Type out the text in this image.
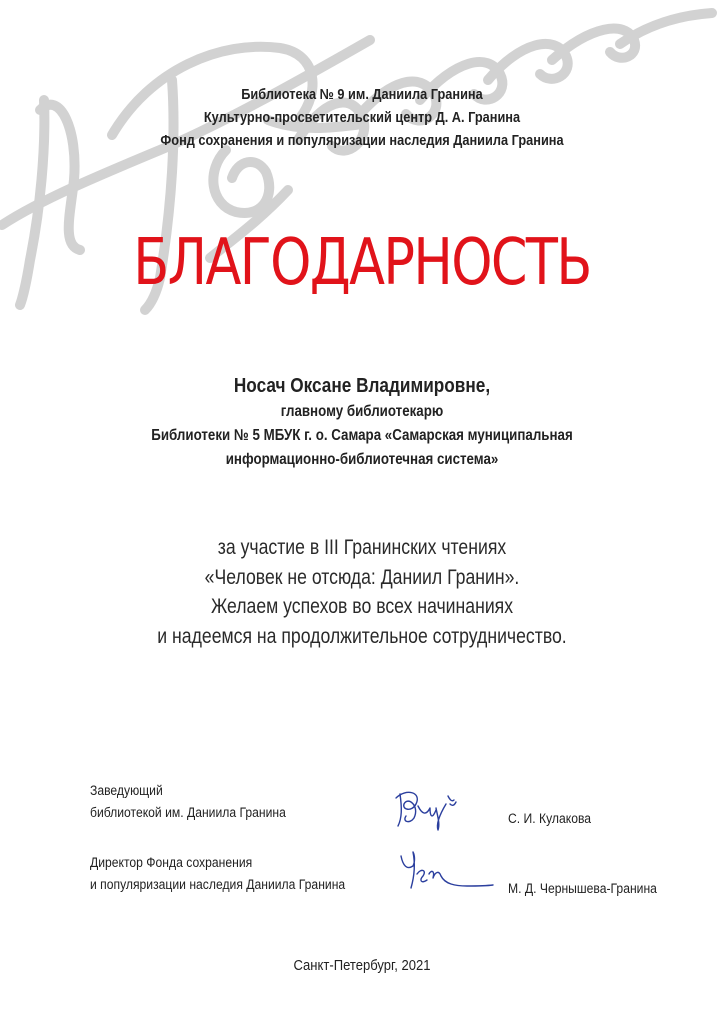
Библиотека № 9 им. Даниила Гранина
Культурно-просветительский центр Д. А. Гранина
Фонд сохранения и популяризации наследия Даниила Гранина
БЛАГОДАРНОСТЬ
Носач Оксане Владимировне,
главному библиотекарю
Библиотеки № 5 МБУК г. о. Самара «Самарская муниципальная
информационно-библиотечная система»
за участие в III Гранинских чтениях
«Человек не отсюда: Даниил Гранин».
Желаем успехов во всех начинаниях
и надеемся на продолжительное сотрудничество.
Заведующий
библиотекой им. Даниила Гранина	С. И. Кулакова
Директор Фонда сохранения
и популяризации наследия Даниила Гранина	М. Д. Чернышева-Гранина
Санкт-Петербург, 2021
